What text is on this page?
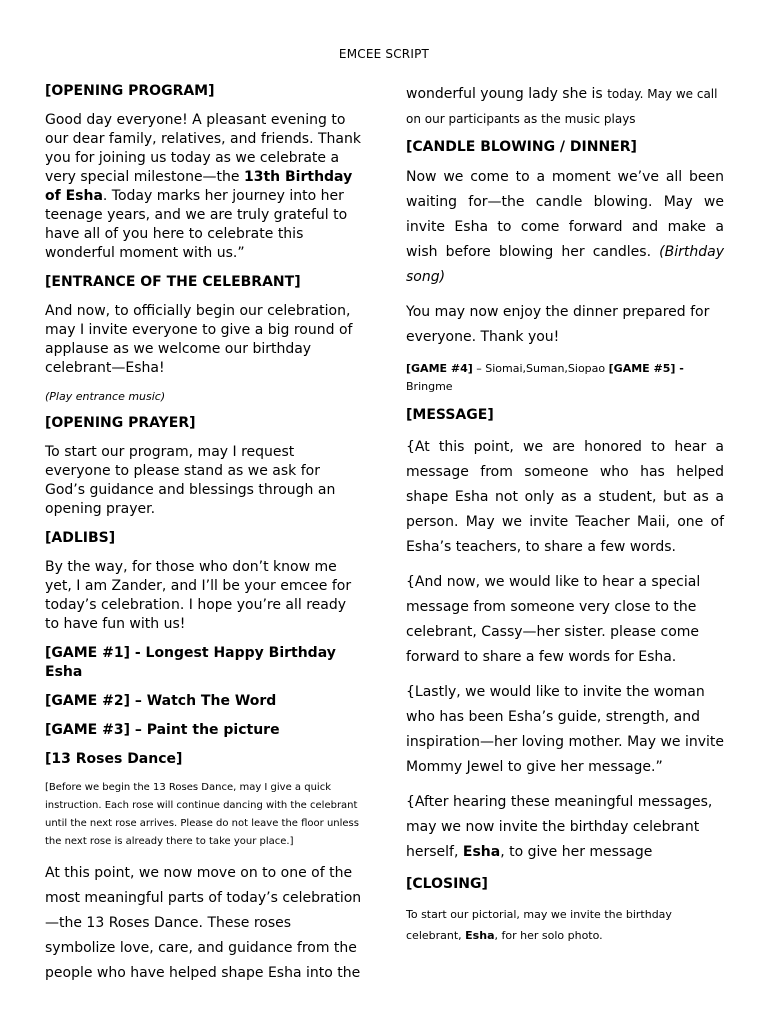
EMCEE SCRIPT
[OPENING PROGRAM]
Good day everyone! A pleasant evening to our dear family, relatives, and friends. Thank you for joining us today as we celebrate a very special milestone—the 13th Birthday of Esha. Today marks her journey into her teenage years, and we are truly grateful to have all of you here to celebrate this wonderful moment with us.”
[ENTRANCE OF THE CELEBRANT]
And now, to officially begin our celebration, may I invite everyone to give a big round of applause as we welcome our birthday celebrant—Esha!
(Play entrance music)
[OPENING PRAYER]
To start our program, may I request everyone to please stand as we ask for God’s guidance and blessings through an opening prayer.
[ADLIBS]
By the way, for those who don’t know me yet, I am Zander, and I’ll be your emcee for today’s celebration. I hope you’re all ready to have fun with us!
[GAME #1] - Longest Happy Birthday Esha
[GAME #2] – Watch The Word
[GAME #3] – Paint the picture
[13 Roses Dance]
[Before we begin the 13 Roses Dance, may I give a quick instruction. Each rose will continue dancing with the celebrant until the next rose arrives. Please do not leave the floor unless the next rose is already there to take your place.]
At this point, we now move on to one of the most meaningful parts of today’s celebration—the 13 Roses Dance. These roses symbolize love, care, and guidance from the people who have helped shape Esha into the
wonderful young lady she is today. May we call on our participants as the music plays
[CANDLE BLOWING / DINNER]
Now we come to a moment we’ve all been waiting for—the candle blowing. May we invite Esha to come forward and make a wish before blowing her candles. (Birthday song)
You may now enjoy the dinner prepared for everyone. Thank you!
[GAME #4] – Siomai,Suman,Siopao [GAME #5] - Bringme
[MESSAGE]
{At this point, we are honored to hear a message from someone who has helped shape Esha not only as a student, but as a person. May we invite Teacher Maii, one of Esha’s teachers, to share a few words.
{And now, we would like to hear a special message from someone very close to the celebrant, Cassy—her sister. please come forward to share a few words for Esha.
{Lastly, we would like to invite the woman who has been Esha’s guide, strength, and inspiration—her loving mother. May we invite Mommy Jewel to give her message.”
{After hearing these meaningful messages, may we now invite the birthday celebrant herself, Esha, to give her message
[CLOSING]
To start our pictorial, may we invite the birthday celebrant, Esha, for her solo photo.
